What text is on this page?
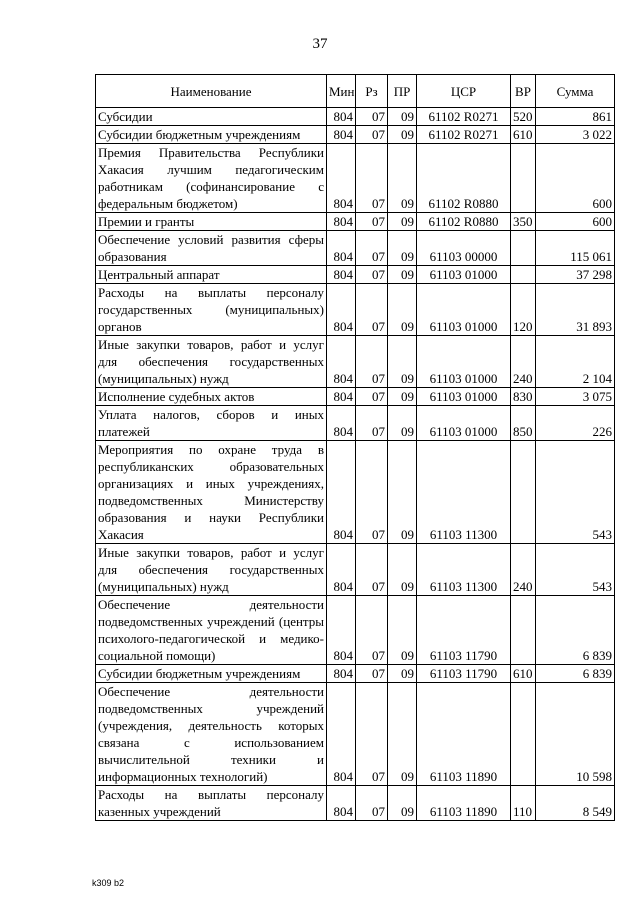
37
Наименование	Мин	Рз	ПР	ЦСР	ВР	Сумма
Субсидии	804	07	09	61102 R0271	520	861
Субсидии бюджетным учреждениям	804	07	09	61102 R0271	610	3 022
Премия Правительства Республики Хакасия лучшим педагогическим работникам (софинансирование с федеральным бюджетом)	804	07	09	61102 R0880		600
Премии и гранты	804	07	09	61102 R0880	350	600
Обеспечение условий развития сферы образования	804	07	09	61103 00000		115 061
Центральный аппарат	804	07	09	61103 01000		37 298
Расходы на выплаты персоналу государственных (муниципальных) органов	804	07	09	61103 01000	120	31 893
Иные закупки товаров, работ и услуг для обеспечения государственных (муниципальных) нужд	804	07	09	61103 01000	240	2 104
Исполнение судебных актов	804	07	09	61103 01000	830	3 075
Уплата налогов, сборов и иных платежей	804	07	09	61103 01000	850	226
Мероприятия по охране труда в республиканских образовательных организациях и иных учреждениях, подведомственных Министерству образования и науки Республики Хакасия	804	07	09	61103 11300		543
Иные закупки товаров, работ и услуг для обеспечения государственных (муниципальных) нужд	804	07	09	61103 11300	240	543
Обеспечение деятельности подведомственных учреждений (центры психолого-педагогической и медико-социальной помощи)	804	07	09	61103 11790		6 839
Субсидии бюджетным учреждениям	804	07	09	61103 11790	610	6 839
Обеспечение деятельности подведомственных учреждений (учреждения, деятельность которых связана с использованием вычислительной техники и информационных технологий)	804	07	09	61103 11890		10 598
Расходы на выплаты персоналу казенных учреждений	804	07	09	61103 11890	110	8 549
k309 b2
